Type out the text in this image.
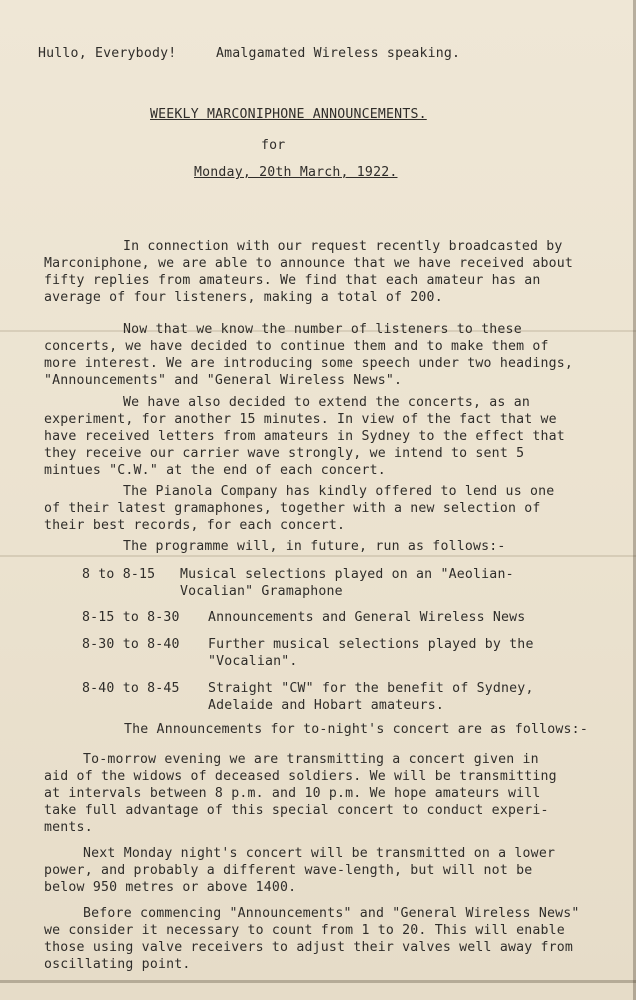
Hullo, Everybody!	Amalgamated Wireless speaking.
WEEKLY MARCONIPHONE ANNOUNCEMENTS.
for
Monday, 20th March, 1922.
In connection with our request recently broadcasted by
Marconiphone, we are able to announce that we have received about
fifty replies from amateurs. We find that each amateur has an
average of four listeners, making a total of 200.
Now that we know the number of listeners to these
concerts, we have decided to continue them and to make them of
more interest. We are introducing some speech under two headings,
"Announcements" and "General Wireless News".
We have also decided to extend the concerts, as an
experiment, for another 15 minutes. In view of the fact that we
have received letters from amateurs in Sydney to the effect that
they receive our carrier wave strongly, we intend to sent 5
mintues "C.W." at the end of each concert.
The Pianola Company has kindly offered to lend us one
of their latest gramaphones, together with a new selection of
their best records, for each concert.
The programme will, in future, run as follows:-
8 to 8-15 Musical selections played on an "Aeolian-
Vocalian" Gramaphone
8-15 to 8-30 Announcements and General Wireless News
8-30 to 8-40 Further musical selections played by the
"Vocalian".
8-40 to 8-45 Straight "CW" for the benefit of Sydney,
Adelaide and Hobart amateurs.
The Announcements for to-night's concert are as follows:-
To-morrow evening we are transmitting a concert given in
aid of the widows of deceased soldiers. We will be transmitting
at intervals between 8 p.m. and 10 p.m. We hope amateurs will
take full advantage of this special concert to conduct experi-
ments.
Next Monday night's concert will be transmitted on a lower
power, and probably a different wave-length, but will not be
below 950 metres or above 1400.
Before commencing "Announcements" and "General Wireless News"
we consider it necessary to count from 1 to 20. This will enable
those using valve receivers to adjust their valves well away from
oscillating point.
